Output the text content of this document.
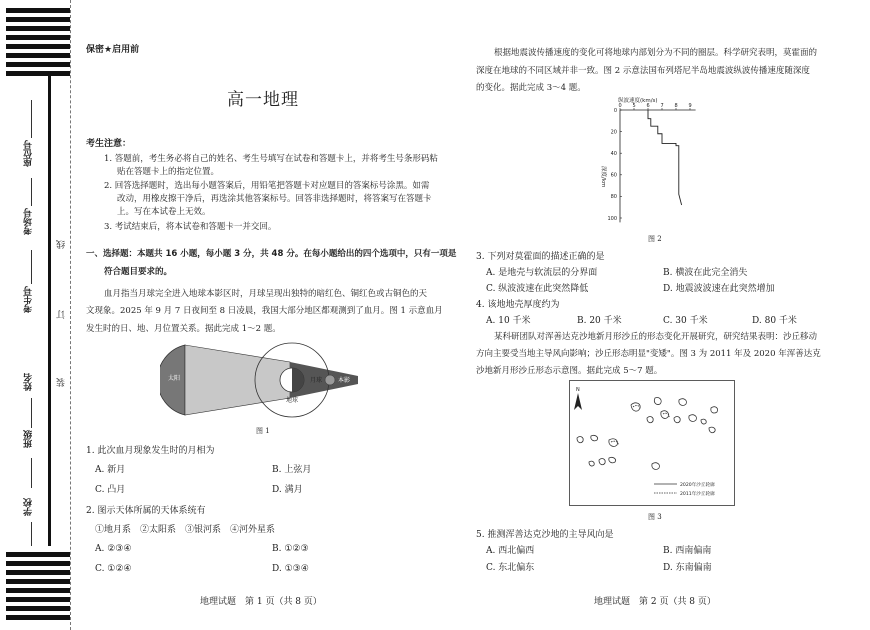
座位号
考场号
考生号
姓名
班级
学校
线
订
装
保密★启用前
高一地理
考生注意：
1. 答题前，考生务必将自己的姓名、考生号填写在试卷和答题卡上，并将考生号条形码粘
贴在答题卡上的指定位置。
2. 回答选择题时，选出每小题答案后，用铅笔把答题卡对应题目的答案标号涂黑。如需
改动，用橡皮擦干净后，再选涂其他答案标号。回答非选择题时，将答案写在答题卡
上。写在本试卷上无效。
3. 考试结束后，将本试卷和答题卡一并交回。
一、选择题：本题共 16 小题，每小题 3 分，共 48 分。在每小题给出的四个选项中，只有一项是
符合题目要求的。
血月指当月球完全进入地球本影区时，月球呈现出独特的暗红色、铜红色或古铜色的天
文现象。2025 年 9 月 7 日夜间至 8 日凌晨，我国大部分地区都观测到了血月。图 1 示意血月
发生时的日、地、月位置关系。据此完成 1～2 题。
太阳
地球
月球	本影
图 1
1. 此次血月现象发生时的月相为
A. 新月	B. 上弦月
C. 凸月	D. 满月
2. 图示天体所属的天体系统有
①地月系　②太阳系　③银河系　④河外星系
A. ②③④	B. ①②③
C. ①②④	D. ①③④
地理试题　第 1 页（共 8 页）
根据地震波传播速度的变化可将地球内部划分为不同的圈层。科学研究表明，莫霍面的
深度在地球的不同区域并非一致。图 2 示意法国布列塔尼半岛地震波纵波传播速度随深度
的变化。据此完成 3～4 题。
纵波速度(km/s)
0 5 6 7 8 9
0
20
40
60
80
100
深度/km
图 2
3. 下列对莫霍面的描述正确的是
A. 是地壳与软流层的分界面	B. 横波在此完全消失
C. 纵波波速在此突然降低	D. 地震波波速在此突然增加
4. 该地地壳厚度约为
A. 10 千米	B. 20 千米	C. 30 千米	D. 80 千米
某科研团队对浑善达克沙地新月形沙丘的形态变化开展研究，研究结果表明：沙丘移动
方向主要受当地主导风向影响；沙丘形态明显"变矮"。图 3 为 2011 年及 2020 年浑善达克
沙地新月形沙丘形态示意图。据此完成 5～7 题。
N
2020年沙丘轮廓
2011年沙丘轮廓
图 3
5. 推测浑善达克沙地的主导风向是
A. 西北偏西	B. 西南偏南
C. 东北偏东	D. 东南偏南
地理试题　第 2 页（共 8 页）
